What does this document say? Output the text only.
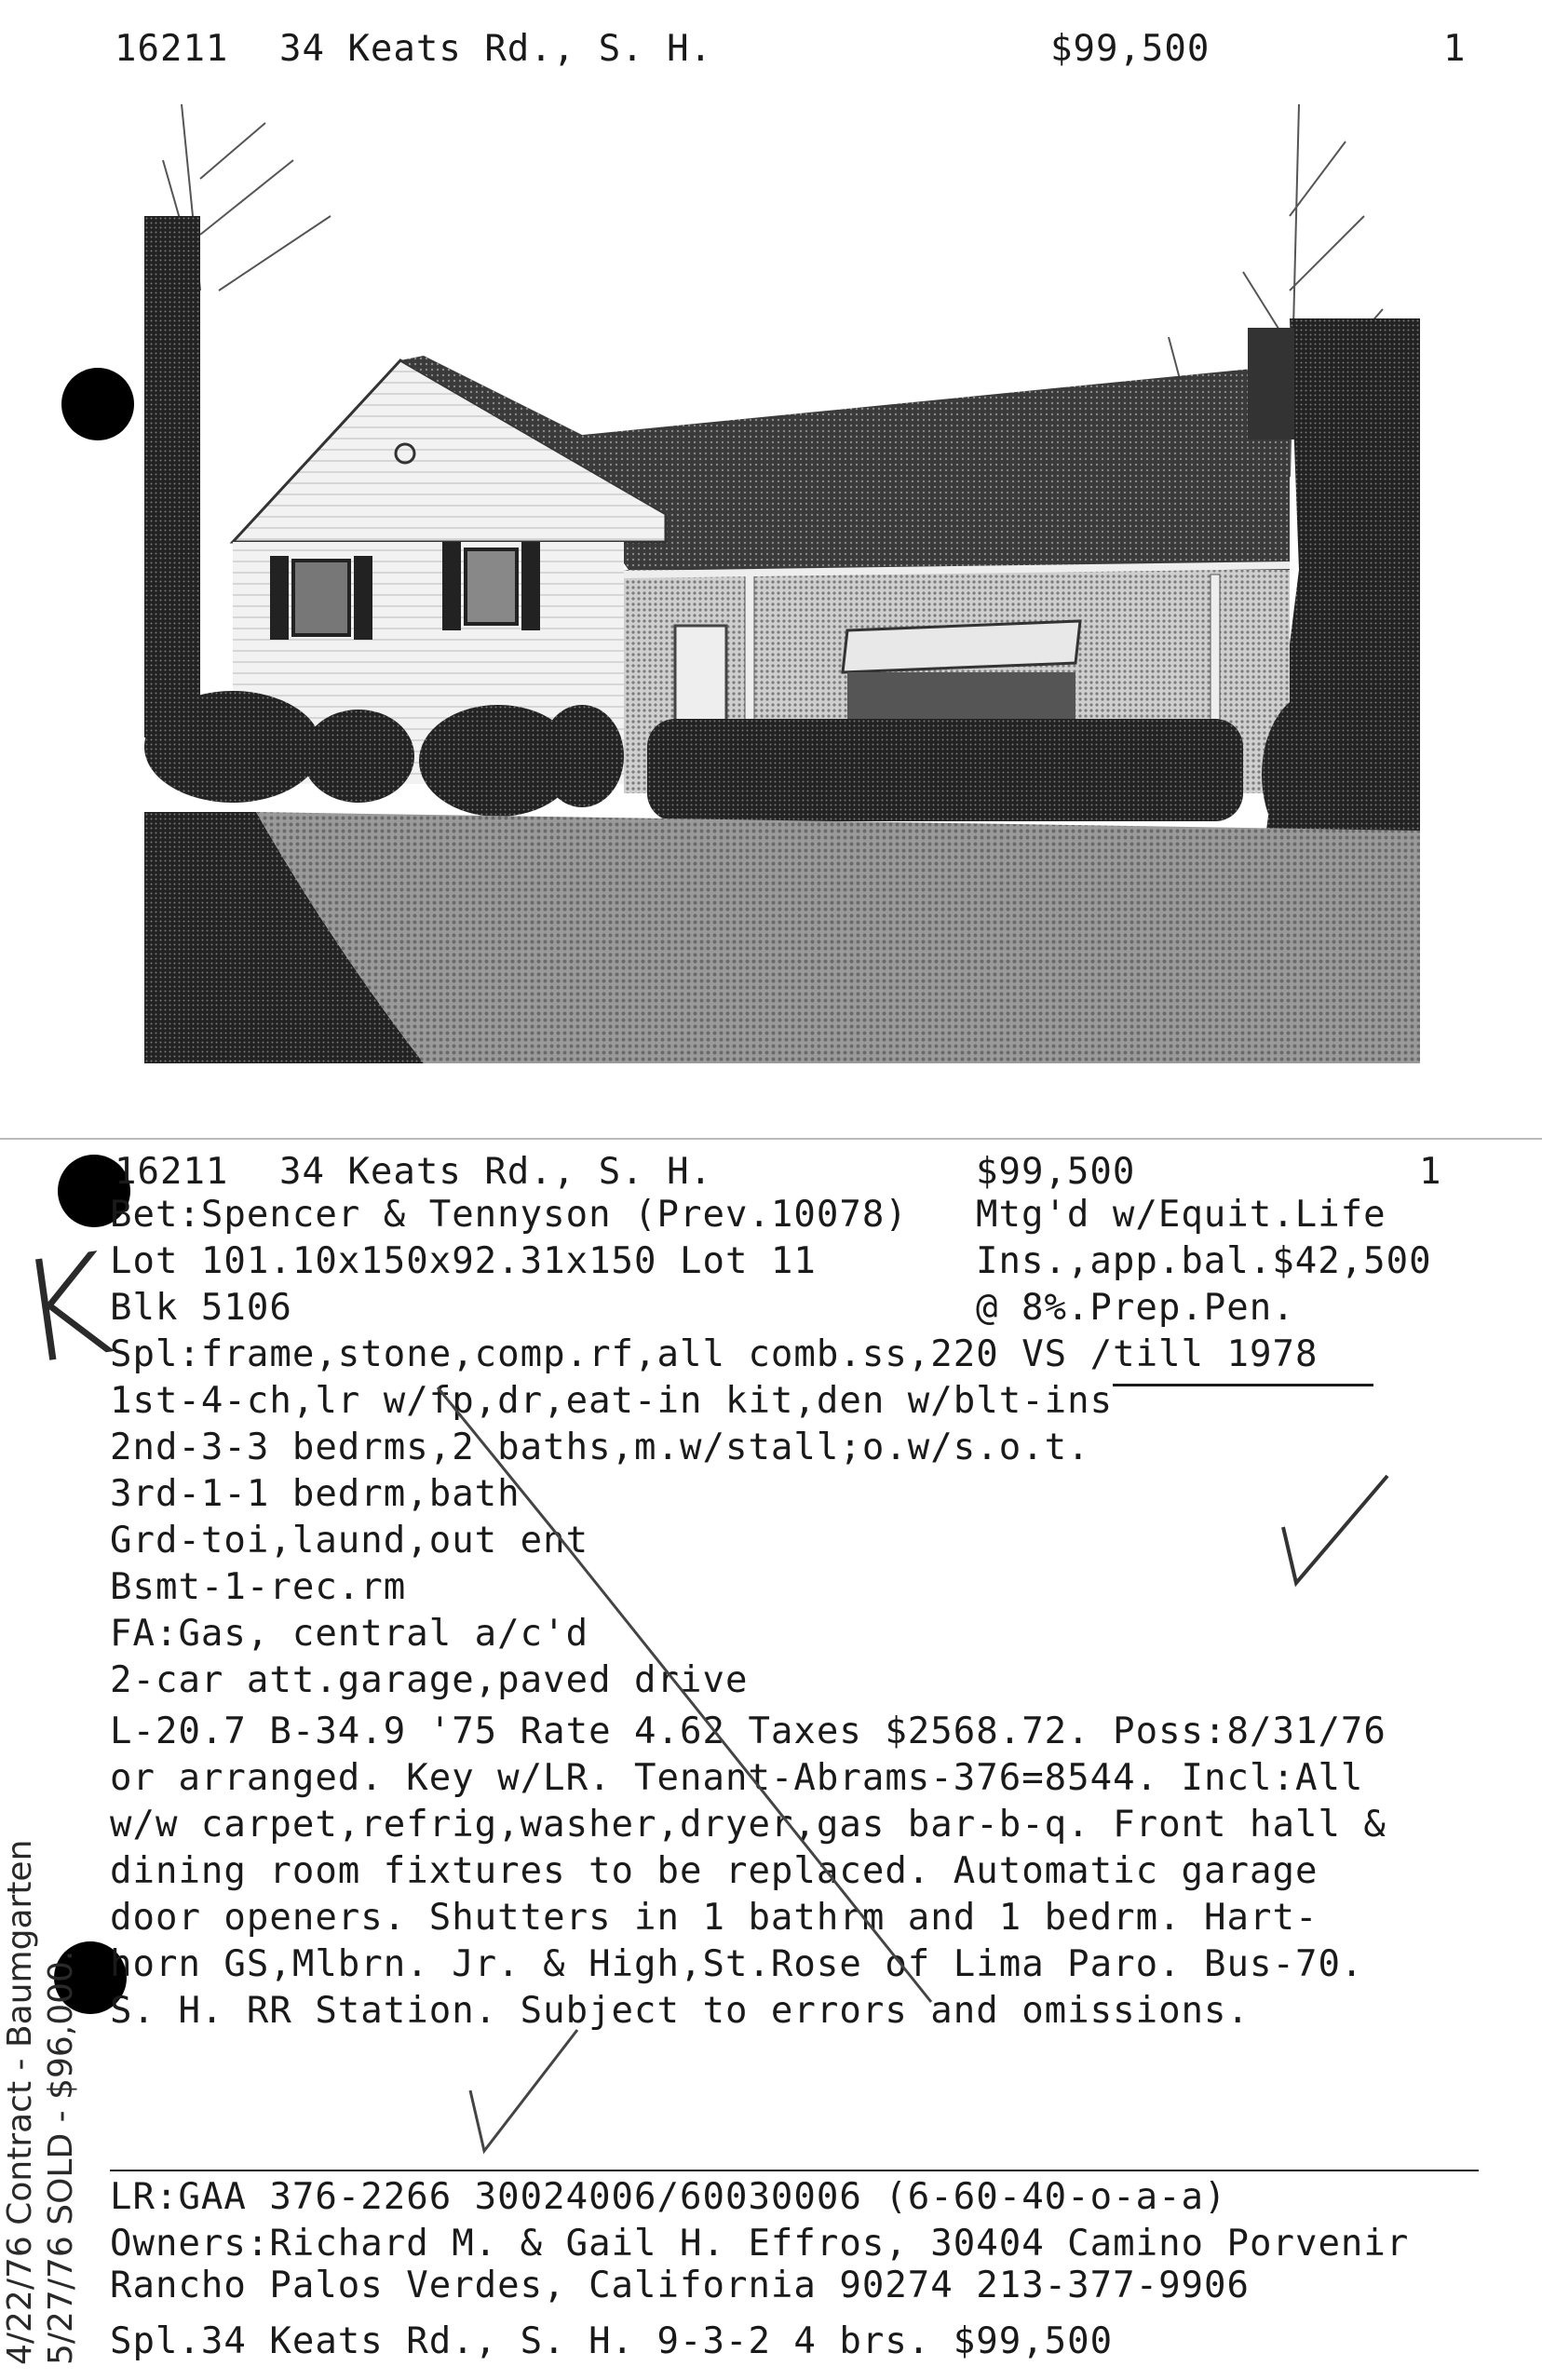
16211 34 Keats Rd., S. H.	$99,500	1
16211 34 Keats Rd., S. H.	$99,500	1
Bet:Spencer & Tennyson (Prev.10078)
Lot 101.10x150x92.31x150 Lot 11
Blk 5106
Mtg'd w/Equit.Life
Ins.,app.bal.$42,500
@ 8%.Prep.Pen.
Spl:frame,stone,comp.rf,all comb.ss,220 VS /till 1978
1st-4-ch,lr w/fp,dr,eat-in kit,den w/blt-ins
2nd-3-3 bedrms,2 baths,m.w/stall;o.w/s.o.t.
3rd-1-1 bedrm,bath
Grd-toi,laund,out ent
Bsmt-1-rec.rm
FA:Gas, central a/c'd
2-car att.garage,paved drive
L-20.7 B-34.9 '75 Rate 4.62 Taxes $2568.72. Poss:8/31/76
or arranged. Key w/LR. Tenant-Abrams-376=8544. Incl:All
w/w carpet,refrig,washer,dryer,gas bar-b-q. Front hall &
dining room fixtures to be replaced. Automatic garage
door openers. Shutters in 1 bathrm and 1 bedrm. Hart-
horn GS,Mlbrn. Jr. & High,St.Rose of Lima Paro. Bus-70.
S. H. RR Station. Subject to errors and omissions.
LR:GAA 376-2266 30024006/60030006 (6-60-40-o-a-a)
Owners:Richard M. & Gail H. Effros, 30404 Camino Porvenir
Rancho Palos Verdes, California 90274 213-377-9906
Spl.34 Keats Rd., S. H. 9-3-2 4 brs. $99,500
K
4/22/76 Contract - Baumgarten 5/27/76 SOLD - $96,000.
